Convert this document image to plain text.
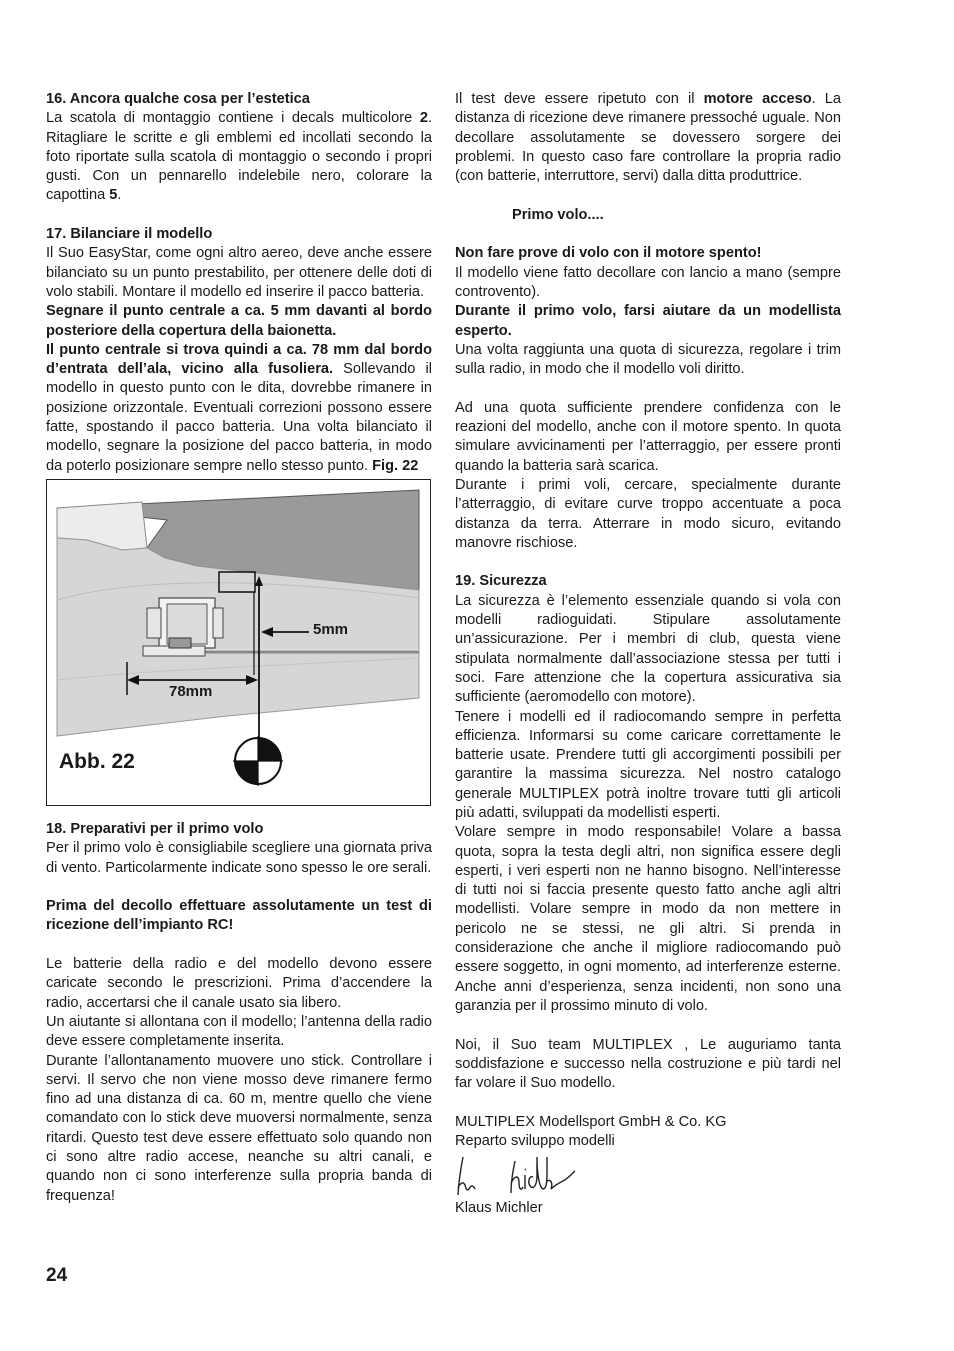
16. Ancora qualche cosa per l’estetica

La scatola di montaggio contiene i decals multicolore 2. Ritagliare le scritte e gli emblemi ed incollati secondo la foto riportate sulla scatola di montaggio o secondo i propri gusti. Con un pennarello indelebile nero, colorare la capottina 5.

17. Bilanciare il modello

Il Suo EasyStar, come ogni altro aereo, deve anche essere bilanciato su un punto prestabilito, per ottenere delle doti di volo stabili. Montare il modello ed inserire il pacco batteria.

Segnare il punto centrale a ca. 5 mm davanti al bordo posteriore della copertura della baionetta.

Il punto centrale si trova quindi a ca. 78 mm dal bordo d’entrata dell’ala, vicino alla fusoliera. Sollevando il modello in questo punto con le dita, dovrebbe rimanere in posizione orizzontale. Eventuali correzioni possono essere fatte, spostando il pacco batteria. Una volta bilanciato il modello, segnare la posizione del pacco batteria, in modo da poterlo posizionare sempre nello stesso punto. Fig. 22

5mm
78mm
Abb. 22
18. Preparativi per il primo volo

Per il primo volo è consigliabile scegliere una giornata priva di vento. Particolarmente indicate sono spesso le ore serali.

Prima del decollo effettuare assolutamente un test di ricezione dell’impianto RC!

Le batterie della radio e del modello devono essere caricate secondo le prescrizioni. Prima d’accendere la radio, accertarsi che il canale usato sia libero.

Un aiutante si allontana con il modello; l’antenna della radio deve essere completamente inserita.

Durante l’allontanamento muovere uno stick. Controllare i servi. Il servo che non viene mosso deve rimanere fermo fino ad una distanza di ca. 60 m, mentre quello che viene comandato con lo stick deve muoversi normalmente, senza ritardi. Questo test deve essere effettuato solo quando non ci sono altre radio accese, neanche su altri canali, e quando non ci sono interferenze sulla propria banda di frequenza!

Il test deve essere ripetuto con il motore acceso. La distanza di ricezione deve rimanere pressoché uguale. Non decollare assolutamente se dovessero sorgere dei problemi. In questo caso fare controllare la propria radio (con batterie, interruttore, servi) dalla ditta produttrice.

Primo volo....

Non fare prove di volo con il motore spento!

Il modello viene fatto decollare con lancio a mano (sempre controvento).

Durante il primo volo, farsi aiutare da un modellista esperto.

Una volta raggiunta una quota di sicurezza, regolare i trim sulla radio, in modo che il modello voli diritto.

Ad una quota sufficiente prendere confidenza con le reazioni del modello, anche con il motore spento. In quota simulare avvicinamenti per l’atterraggio, per essere pronti quando la batteria sarà scarica.

Durante i primi voli, cercare, specialmente durante l’atterraggio, di evitare curve troppo accentuate a poca distanza da terra. Atterrare in modo sicuro, evitando manovre rischiose.

19. Sicurezza

La sicurezza è l’elemento essenziale quando si vola con modelli radioguidati. Stipulare assolutamente un’assicurazione. Per i membri di club, questa viene stipulata normalmente dall’associazione stessa per tutti i soci. Fare attenzione che la copertura assicurativa sia sufficiente (aeromodello con motore).

Tenere i modelli ed il radiocomando sempre in perfetta efficienza. Informarsi su come caricare correttamente le batterie usate. Prendere tutti gli accorgimenti possibili per garantire la massima sicurezza. Nel nostro catalogo generale MULTIPLEX potrà inoltre trovare tutti gli articoli più adatti, sviluppati da modellisti esperti.

Volare sempre in modo responsabile! Volare a bassa quota, sopra la testa degli altri, non significa essere degli esperti, i veri esperti non ne hanno bisogno. Nell’interesse di tutti noi si faccia presente questo fatto anche agli altri modellisti. Volare sempre in modo da non mettere in pericolo ne se stessi, ne gli altri. Si prenda in considerazione che anche il migliore radiocomando può essere soggetto, in ogni momento, ad interferenze esterne. Anche anni d’esperienza, senza incidenti, non sono una garanzia per il prossimo minuto di volo.

Noi, il Suo team MULTIPLEX , Le auguriamo tanta soddisfazione e successo nella costruzione e più tardi nel far volare il Suo modello.

MULTIPLEX Modellsport GmbH & Co. KG

Reparto sviluppo modelli

Klaus Michler

24
